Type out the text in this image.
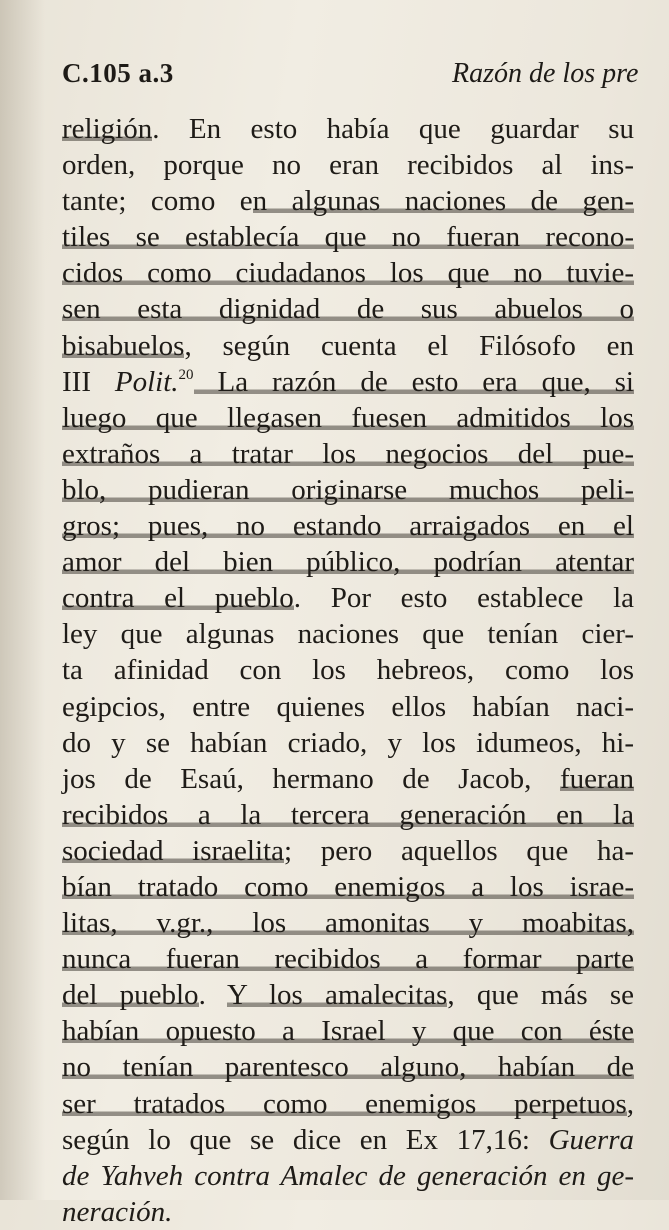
C.105 a.3	Razón de los pre
religión. En esto había que guardar su
orden, porque no eran recibidos al ins-
tante; como en algunas naciones de gen-
tiles se establecía que no fueran recono-
cidos como ciudadanos los que no tuvie-
sen esta dignidad de sus abuelos o
bisabuelos, según cuenta el Filósofo en
III Polit.$^{20}$ La razón de esto era que, si
luego que llegasen fuesen admitidos los
extraños a tratar los negocios del pue-
blo, pudieran originarse muchos peli-
gros; pues, no estando arraigados en el
amor del bien público, podrían atentar
contra el pueblo. Por esto establece la
ley que algunas naciones que tenían cier-
ta afinidad con los hebreos, como los
egipcios, entre quienes ellos habían naci-
do y se habían criado, y los idumeos, hi-
jos de Esaú, hermano de Jacob, fueran
recibidos a la tercera generación en la
sociedad israelita; pero aquellos que ha-
bían tratado como enemigos a los israe-
litas, v.gr., los amonitas y moabitas,
nunca fueran recibidos a formar parte
del pueblo. Y los amalecitas, que más se
habían opuesto a Israel y que con éste
no tenían parentesco alguno, habían de
ser tratados como enemigos perpetuos,
según lo que se dice en Ex 17,16: Guerra
de Yahveh contra Amalec de generación en ge-
neración.
